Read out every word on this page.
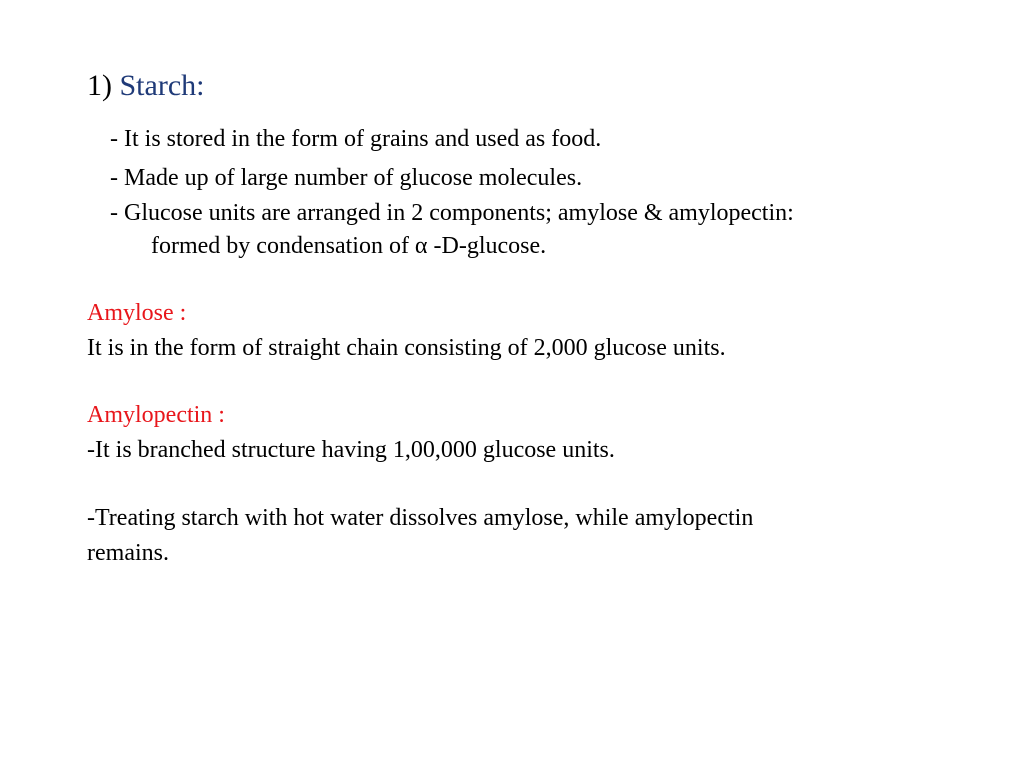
1) Starch:
- It is stored in the form of grains and used as food.
- Made up of large number of glucose molecules.
- Glucose units are arranged in 2 components; amylose & amylopectin:
formed by condensation of α -D-glucose.
Amylose :
It is in the form of straight chain consisting of 2,000 glucose units.
Amylopectin :
-It is branched structure having 1,00,000 glucose units.
-Treating starch with hot water dissolves amylose, while amylopectin
remains.
